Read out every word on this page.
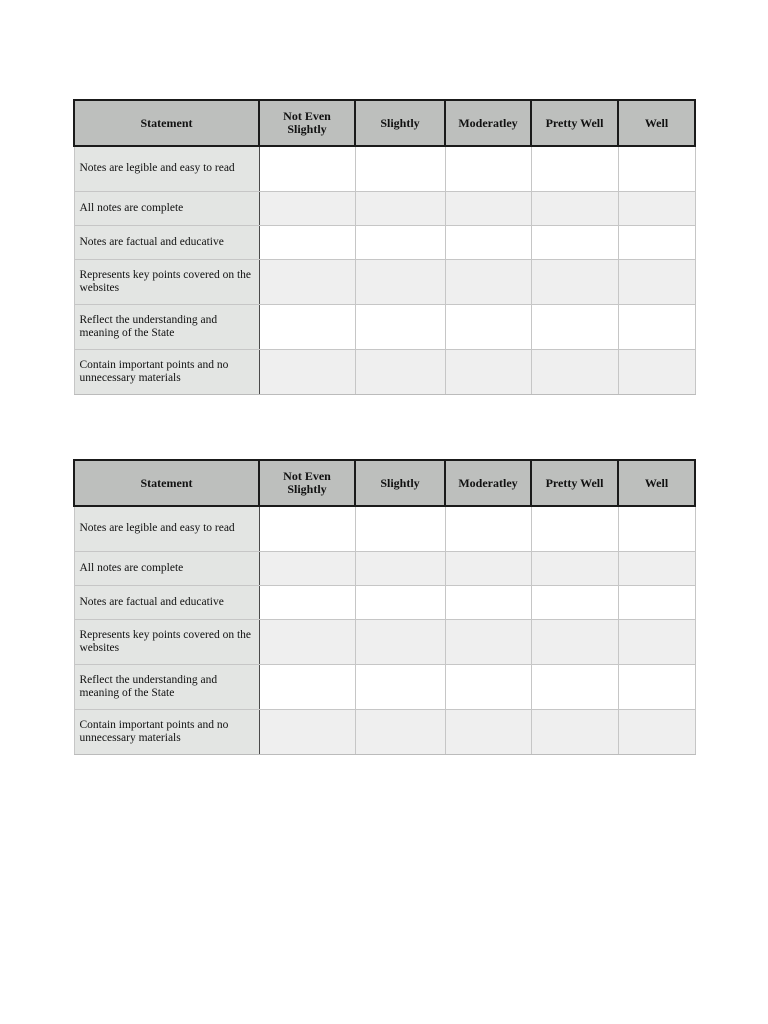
Statement	Not Even Slightly	Slightly	Moderatley	Pretty Well	Well
Notes are legible and easy to read					
All notes are complete					
Notes are factual and educative					
Represents key points covered on the websites					
Reflect the understanding and meaning of the State					
Contain important points and no unnecessary materials					
Statement	Not Even Slightly	Slightly	Moderatley	Pretty Well	Well
Notes are legible and easy to read					
All notes are complete					
Notes are factual and educative					
Represents key points covered on the websites					
Reflect the understanding and meaning of the State					
Contain important points and no unnecessary materials					
